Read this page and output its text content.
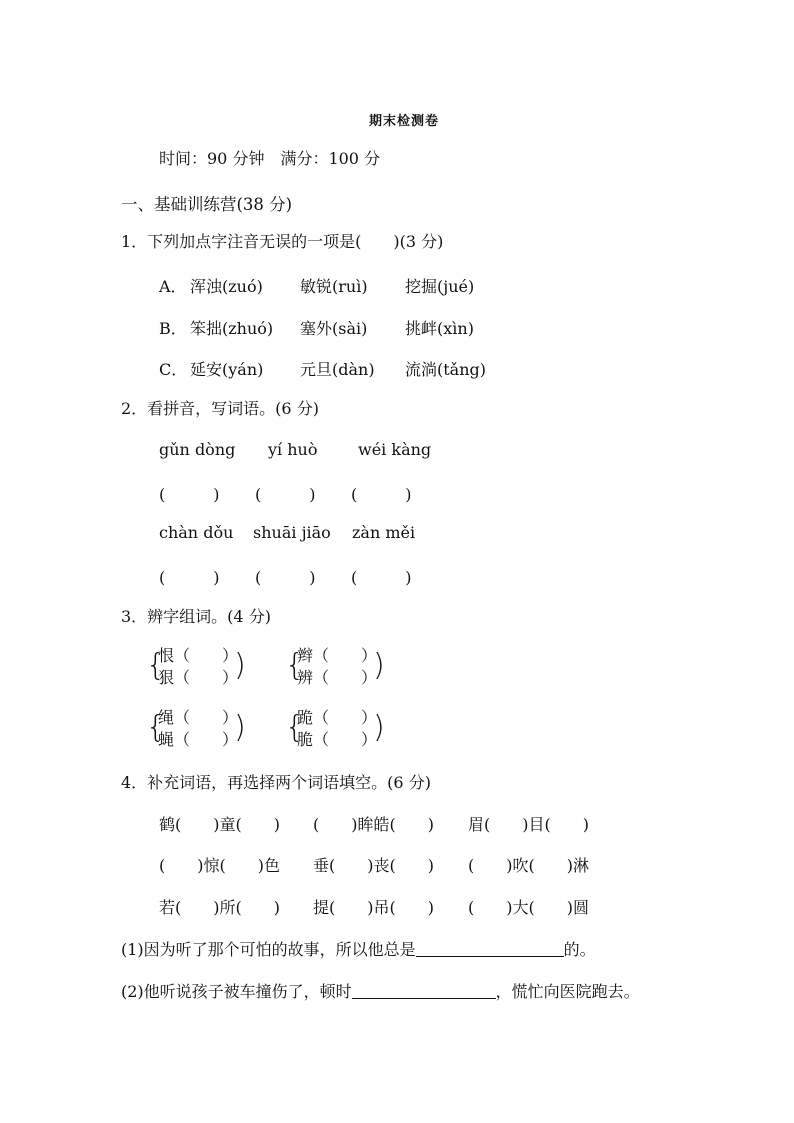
期末检测卷
时间：90 分钟　满分：100 分
一、基础训练营(38 分)
1．下列加点字注音无误的一项是(　　)(3 分)
A． 浑浊(zuó) 敏锐(ruì) 挖掘(jué)
B． 笨拙(zhuó) 塞外(sài) 挑衅(xìn)
C． 延安(yán) 元旦(dàn) 流淌(tǎng)
2．看拼音，写词语。(6 分)
gǔn dòng yí huò	wéi kàng
(　　　) (　　　) (　　　)
chàn dǒu shuāi jiāo zàn měi
(　　　) (　　　) (　　　)
3．辨字组词。(4 分)
{
恨（　　）
狠（　　）
) {
辫（　　）
辨（　　）
)
{
绳（　　）
蝇（　　）
) {
跪（　　）
脆（　　）
)
4．补充词语，再选择两个词语填空。(6 分)
鹤(　　)童(　　) (　　)眸皓(　　) 眉(　　)目(　　)
(　　)惊(　　)色 垂(　　)丧(　　) (　　)吹(　　)淋
若(　　)所(　　) 提(　　)吊(　　) (　　)大(　　)圆
(1)因为听了那个可怕的故事，所以他总是	的。
(2)他听说孩子被车撞伤了，顿时	，慌忙向医院跑去。
